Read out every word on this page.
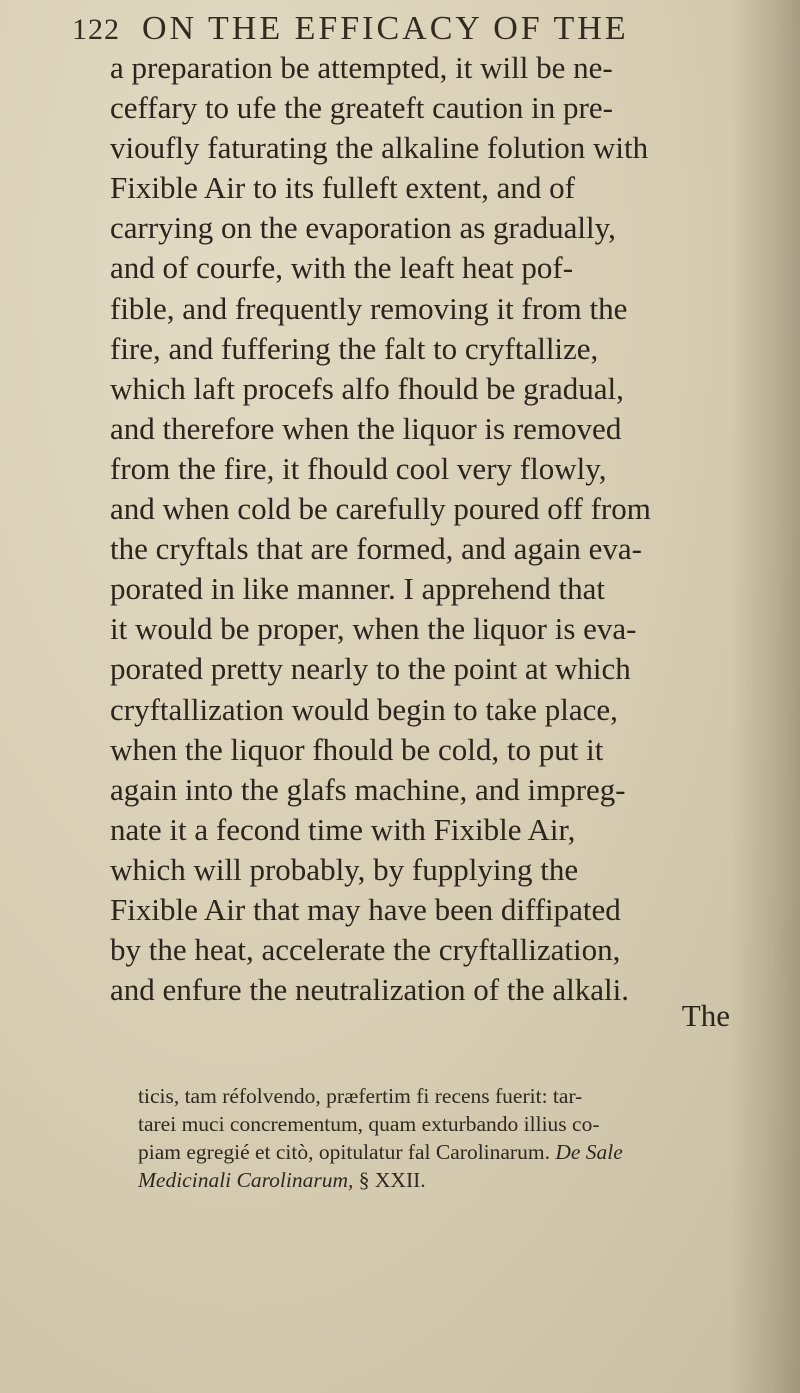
122 ON THE EFFICACY OF THE
a preparation be attempted, it will be ne-
ceffary to ufe the greateft caution in pre-
vioufly faturating the alkaline folution with
Fixible Air to its fulleft extent, and of
carrying on the evaporation as gradually,
and of courfe, with the leaft heat pof-
fible, and frequently removing it from the
fire, and fuffering the falt to cryftallize,
which laft procefs alfo fhould be gradual,
and therefore when the liquor is removed
from the fire, it fhould cool very flowly,
and when cold be carefully poured off from
the cryftals that are formed, and again eva-
porated in like manner. I apprehend that
it would be proper, when the liquor is eva-
porated pretty nearly to the point at which
cryftallization would begin to take place,
when the liquor fhould be cold, to put it
again into the glafs machine, and impreg-
nate it a fecond time with Fixible Air,
which will probably, by fupplying the
Fixible Air that may have been diffipated
by the heat, accelerate the cryftallization,
and enfure the neutralization of the alkali.
The
ticis, tam réfolvendo, præfertim fi recens fuerit: tar-
tarei muci concrementum, quam exturbando illius co-
piam egregié et citò, opitulatur fal Carolinarum. De Sale
Medicinali Carolinarum, § XXII.
